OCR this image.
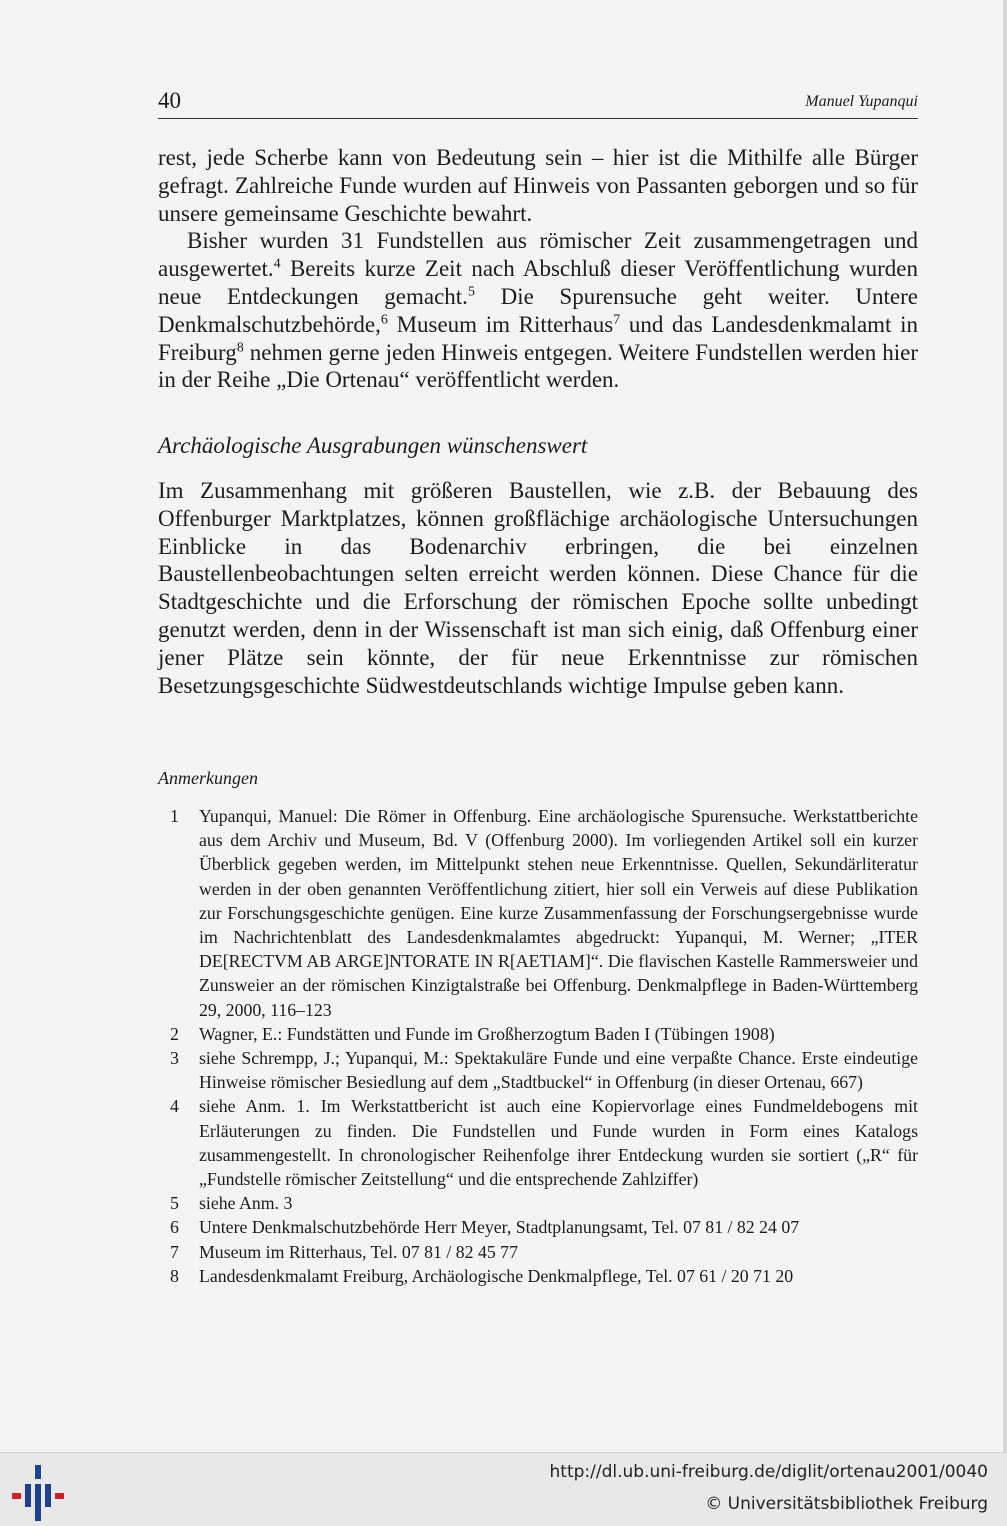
40	Manuel Yupanqui

rest, jede Scherbe kann von Bedeutung sein – hier ist die Mithilfe alle Bürger gefragt. Zahlreiche Funde wurden auf Hinweis von Passanten geborgen und so für unsere gemeinsame Geschichte bewahrt.

Bisher wurden 31 Fundstellen aus römischer Zeit zusammengetragen und ausgewertet.$^4$ Bereits kurze Zeit nach Abschluß dieser Veröffentlichung wurden neue Entdeckungen gemacht.$^5$ Die Spurensuche geht weiter. Untere Denkmalschutzbehörde,$^6$ Museum im Ritterhaus$^7$ und das Landesdenkmalamt in Freiburg$^8$ nehmen gerne jeden Hinweis entgegen. Weitere Fundstellen werden hier in der Reihe „Die Ortenau“ veröffentlicht werden.

Archäologische Ausgrabungen wünschenswert

Im Zusammenhang mit größeren Baustellen, wie z.B. der Bebauung des Offenburger Marktplatzes, können großflächige archäologische Untersuchungen Einblicke in das Bodenarchiv erbringen, die bei einzelnen Baustellenbeobachtungen selten erreicht werden können. Diese Chance für die Stadtgeschichte und die Erforschung der römischen Epoche sollte unbedingt genutzt werden, denn in der Wissenschaft ist man sich einig, daß Offenburg einer jener Plätze sein könnte, der für neue Erkenntnisse zur römischen Besetzungsgeschichte Südwestdeutschlands wichtige Impulse geben kann.

Anmerkungen
1 Yupanqui, Manuel: Die Römer in Offenburg. Eine archäologische Spurensuche. Werkstattberichte aus dem Archiv und Museum, Bd. V (Offenburg 2000). Im vorliegenden Artikel soll ein kurzer Überblick gegeben werden, im Mittelpunkt stehen neue Erkenntnisse. Quellen, Sekundärliteratur werden in der oben genannten Veröffentlichung zitiert, hier soll ein Verweis auf diese Publikation zur Forschungsgeschichte genügen. Eine kurze Zusammenfassung der Forschungsergebnisse wurde im Nachrichtenblatt des Landesdenkmalamtes abgedruckt: Yupanqui, M. Werner; „ITER DE[RECTVM AB ARGE]NTORATE IN R[AETIAM]“. Die flavischen Kastelle Rammersweier und Zunsweier an der römischen Kinzigtalstraße bei Offenburg. Denkmalpflege in Baden-Württemberg 29, 2000, 116–123
2 Wagner, E.: Fundstätten und Funde im Großherzogtum Baden I (Tübingen 1908)
3 siehe Schrempp, J.; Yupanqui, M.: Spektakuläre Funde und eine verpaßte Chance. Erste eindeutige Hinweise römischer Besiedlung auf dem „Stadtbuckel“ in Offenburg (in dieser Ortenau, 667)
4 siehe Anm. 1. Im Werkstattbericht ist auch eine Kopiervorlage eines Fundmeldebogens mit Erläuterungen zu finden. Die Fundstellen und Funde wurden in Form eines Katalogs zusammengestellt. In chronologischer Reihenfolge ihrer Entdeckung wurden sie sortiert („R“ für „Fundstelle römischer Zeitstellung“ und die entsprechende Zahlziffer)
5 siehe Anm. 3
6 Untere Denkmalschutzbehörde Herr Meyer, Stadtplanungsamt, Tel. 07 81 / 82 24 07
7 Museum im Ritterhaus, Tel. 07 81 / 82 45 77
8 Landesdenkmalamt Freiburg, Archäologische Denkmalpflege, Tel. 07 61 / 20 71 20
http://dl.ub.uni-freiburg.de/diglit/ortenau2001/0040
© Universitätsbibliothek Freiburg
